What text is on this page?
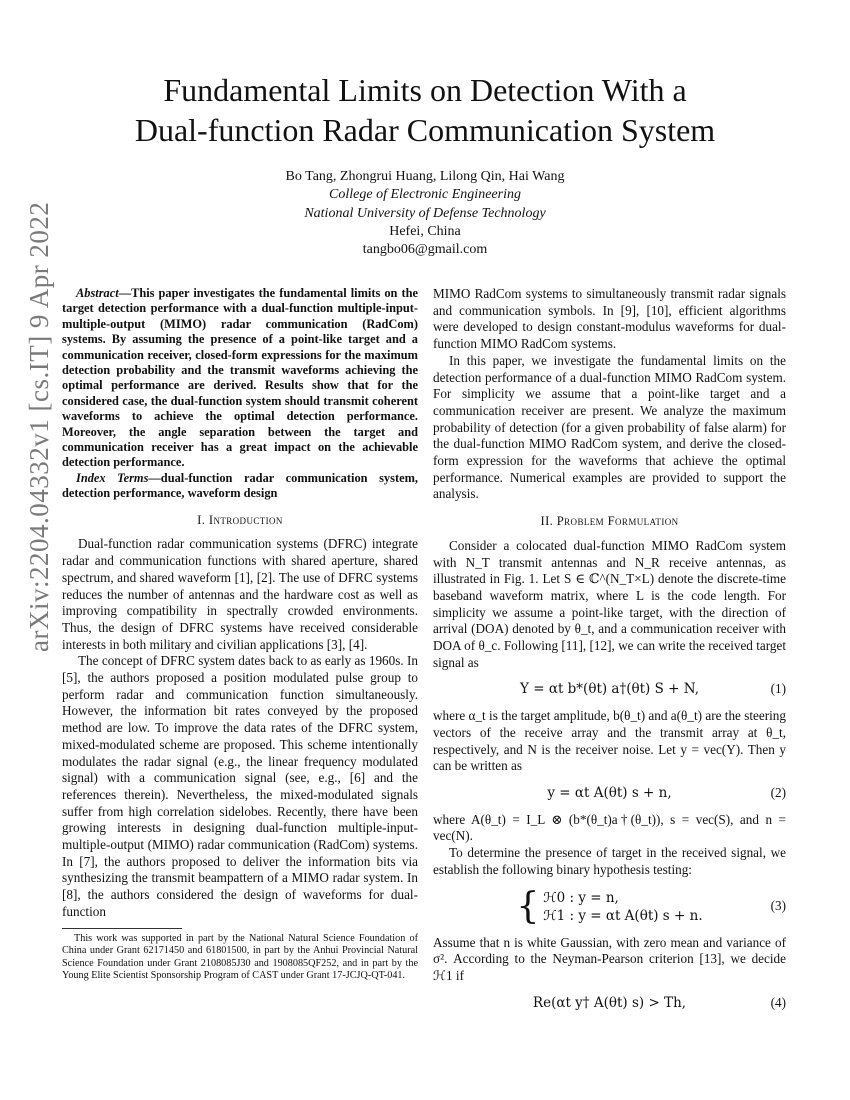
arXiv:2204.04332v1 [cs.IT] 9 Apr 2022
Fundamental Limits on Detection With a
Dual-function Radar Communication System
Bo Tang, Zhongrui Huang, Lilong Qin, Hai Wang
College of Electronic Engineering
National University of Defense Technology
Hefei, China
tangbo06@gmail.com

Abstract—This paper investigates the fundamental limits on the target detection performance with a dual-function multiple-input-multiple-output (MIMO) radar communication (RadCom) systems. By assuming the presence of a point-like target and a communication receiver, closed-form expressions for the maximum detection probability and the transmit waveforms achieving the optimal performance are derived. Results show that for the considered case, the dual-function system should transmit coherent waveforms to achieve the optimal detection performance. Moreover, the angle separation between the target and communication receiver has a great impact on the achievable detection performance.

Index Terms—dual-function radar communication system, detection performance, waveform design

I. Introduction

Dual-function radar communication systems (DFRC) integrate radar and communication functions with shared aperture, shared spectrum, and shared waveform [1], [2]. The use of DFRC systems reduces the number of antennas and the hardware cost as well as improving compatibility in spectrally crowded environments. Thus, the design of DFRC systems have received considerable interests in both military and civilian applications [3], [4].

The concept of DFRC system dates back to as early as 1960s. In [5], the authors proposed a position modulated pulse group to perform radar and communication function simultaneously. However, the information bit rates conveyed by the proposed method are low. To improve the data rates of the DFRC system, mixed-modulated scheme are proposed. This scheme intentionally modulates the radar signal (e.g., the linear frequency modulated signal) with a communication signal (see, e.g., [6] and the references therein). Nevertheless, the mixed-modulated signals suffer from high correlation sidelobes. Recently, there have been growing interests in designing dual-function multiple-input-multiple-output (MIMO) radar communication (RadCom) systems. In [7], the authors proposed to deliver the information bits via synthesizing the transmit beampattern of a MIMO radar system. In [8], the authors considered the design of waveforms for dual-function

This work was supported in part by the National Natural Science Foundation of China under Grant 62171450 and 61801500, in part by the Anhui Provincial Natural Science Foundation under Grant 2108085J30 and 1908085QF252, and in part by the Young Elite Scientist Sponsorship Program of CAST under Grant 17-JCJQ-QT-041.

MIMO RadCom systems to simultaneously transmit radar signals and communication symbols. In [9], [10], efficient algorithms were developed to design constant-modulus waveforms for dual-function MIMO RadCom systems.

In this paper, we investigate the fundamental limits on the detection performance of a dual-function MIMO RadCom system. For simplicity we assume that a point-like target and a communication receiver are present. We analyze the maximum probability of detection (for a given probability of false alarm) for the dual-function MIMO RadCom system, and derive the closed-form expression for the waveforms that achieve the optimal performance. Numerical examples are provided to support the analysis.

II. Problem Formulation

Consider a colocated dual-function MIMO RadCom system with N_T transmit antennas and N_R receive antennas, as illustrated in Fig. 1. Let S ∈ ℂ^(N_T×L) denote the discrete-time baseband waveform matrix, where L is the code length. For simplicity we assume a point-like target, with the direction of arrival (DOA) denoted by θ_t, and a communication receiver with DOA of θ_c. Following [11], [12], we can write the received target signal as

Y = αt b*(θt) a†(θt) S + N,	(1)

where α_t is the target amplitude, b(θ_t) and a(θ_t) are the steering vectors of the receive array and the transmit array at θ_t, respectively, and N is the receiver noise. Let y = vec(Y). Then y can be written as

y = αt A(θt) s + n,	(2)

where A(θ_t) = I_L ⊗ (b*(θ_t)a†(θ_t)), s = vec(S), and n = vec(N).

To determine the presence of target in the received signal, we establish the following binary hypothesis testing:

{ ℋ0 : y = n,
ℋ1 : y = αt A(θt) s + n.
(3)

Assume that n is white Gaussian, with zero mean and variance of σ². According to the Neyman-Pearson criterion [13], we decide ℋ1 if

Re(αt y† A(θt) s) > Th,	(4)
